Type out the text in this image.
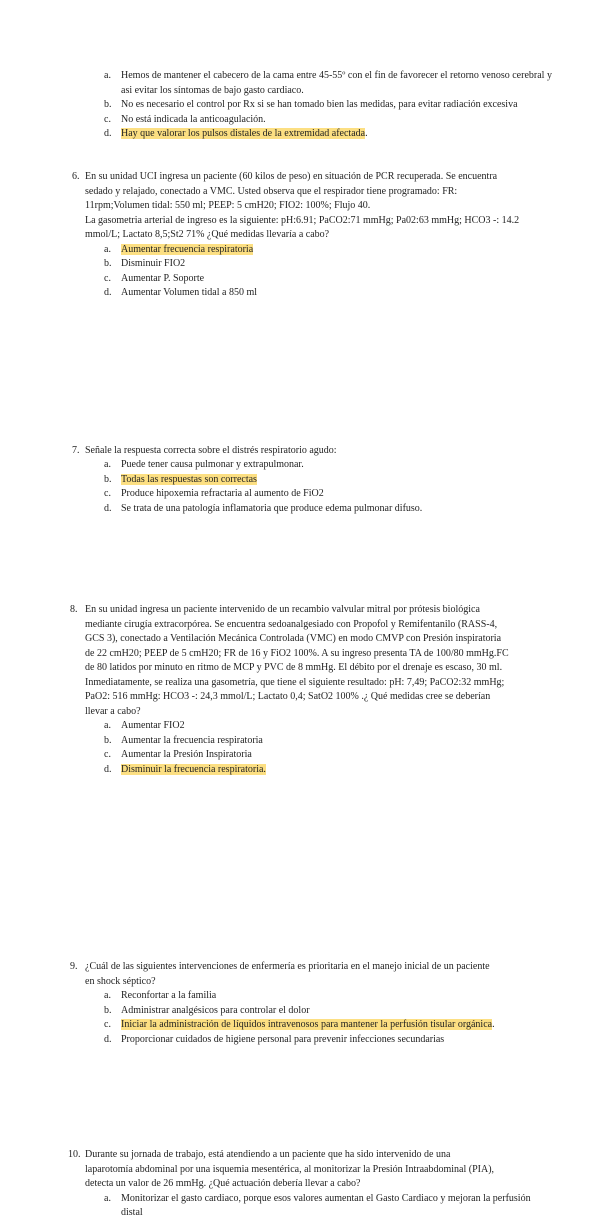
a. Hemos de mantener el cabecero de la cama entre 45-55º con el fin de favorecer el retorno venoso cerebral y asi evitar los síntomas de bajo gasto cardiaco.
b. No es necesario el control por Rx si se han tomado bien las medidas, para evitar radiación excesiva
c. No está indicada la anticoagulación.
d. Hay que valorar los pulsos distales de la extremidad afectada.
6. En su unidad UCI ingresa un paciente (60 kilos de peso) en situación de PCR recuperada. Se encuentra
sedado y relajado, conectado a VMC. Usted observa que el respirador tiene programado: FR:
11rpm;Volumen tidal: 550 ml; PEEP: 5 cmH20; FIO2: 100%; Flujo 40.
La gasometria arterial de ingreso es la siguiente: pH:6.91; PaCO2:71 mmHg; Pa02:63 mmHg; HCO3 -: 14.2
mmol/L; Lactato 8,5;St2 71% ¿Qué medidas llevaría a cabo?
a. Aumentar frecuencia respiratoria
b. Disminuir FIO2
c. Aumentar P. Soporte
d. Aumentar Volumen tidal a 850 ml
7. Señale la respuesta correcta sobre el distrés respiratorio agudo:
a. Puede tener causa pulmonar y extrapulmonar.
b. Todas las respuestas son correctas
c. Produce hipoxemia refractaria al aumento de FiO2
d. Se trata de una patología inflamatoria que produce edema pulmonar difuso.
8. En su unidad ingresa un paciente intervenido de un recambio valvular mitral por prótesis biológica
mediante cirugía extracorpórea. Se encuentra sedoanalgesiado con Propofol y Remifentanilo (RASS-4,
GCS 3), conectado a Ventilación Mecánica Controlada (VMC) en modo CMVP con Presión inspiratoria
de 22 cmH20; PEEP de 5 cmH20; FR de 16 y FiO2 100%. A su ingreso presenta TA de 100/80 mmHg.FC
de 80 latidos por minuto en ritmo de MCP y PVC de 8 mmHg. El débito por el drenaje es escaso, 30 ml.
Inmediatamente, se realiza una gasometría, que tiene el siguiente resultado: pH: 7,49; PaCO2:32 mmHg;
PaO2: 516 mmHg: HCO3 -: 24,3 mmol/L; Lactato 0,4; SatO2 100% .¿ Qué medidas cree se deberían
llevar a cabo?
a. Aumentar FIO2
b. Aumentar la frecuencia respiratoria
c. Aumentar la Presión Inspiratoria
d. Disminuir la frecuencia respiratoria.
9. ¿Cuál de las siguientes intervenciones de enfermería es prioritaria en el manejo inicial de un paciente
en shock séptico?
a. Reconfortar a la familia
b. Administrar analgésicos para controlar el dolor
c. Iniciar la administración de líquidos intravenosos para mantener la perfusión tisular orgánica.
d. Proporcionar cuidados de higiene personal para prevenir infecciones secundarias
10. Durante su jornada de trabajo, está atendiendo a un paciente que ha sido intervenido de una
laparotomía abdominal por una isquemia mesentérica, al monitorizar la Presión Intraabdominal (PIA),
detecta un valor de 26 mmHg. ¿Qué actuación debería llevar a cabo?
a. Monitorizar el gasto cardiaco, porque esos valores aumentan el Gasto Cardiaco y mejoran la perfusión distal
